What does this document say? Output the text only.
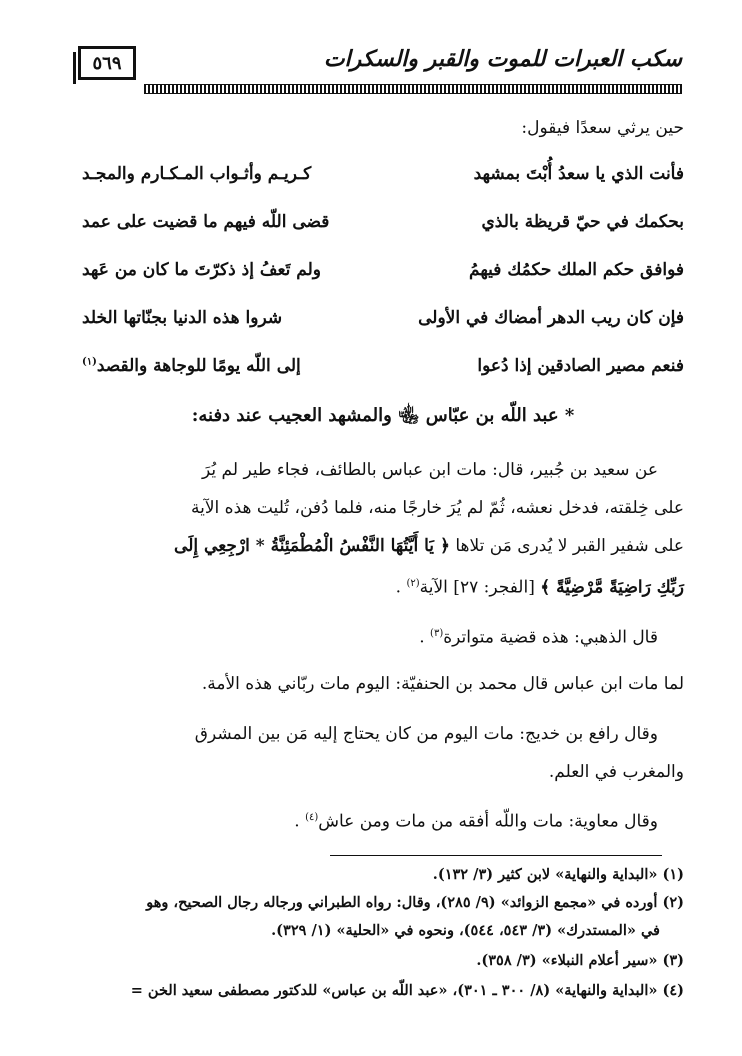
٥٦٩	سكب العبرات للموت والقبر والسكرات
حين يرثي سعدًا فيقول:
فأنت الذي يا سعدُ أُبْتَ بمشهد
كـريـم وأثـواب المـكـارم والمجـد
بحكمك في حيّ قريظة بالذي
قضى اللّه فيهم ما قضيت على عمد
فوافق حكم الملك حكمُك فيهمُ
ولم تَعفُ إذ ذكرّتَ ما كان من عَهد
فإن كان ريب الدهر أمضاك في الأولى
شروا هذه الدنيا بجنّاتها الخلد
فنعم مصير الصادقين إذا دُعوا
إلى اللّه يومًا للوجاهة والقصد$^{(١)}$
* عبد اللّه بن عبّاس ﵄ والمشهد العجيب عند دفنه:
عن سعيد بن جُبير، قال: مات ابن عباس بالطائف، فجاء طير لم يُرَ
على خِلقته، فدخل نعشه، ثُمّ لم يُرَ خارجًا منه، فلما دُفن، تُليت هذه الآية
على شفير القبر لا يُدرى مَن تلاها ﴿ يَا أَيَّتُهَا النَّفْسُ الْمُطْمَئِنَّةُ * ارْجِعِي إِلَى
رَبِّكِ رَاضِيَةً مَّرْضِيَّةً ﴾ [الفجر: ٢٧] الآية$^{(٢)}$ .
قال الذهبي: هذه قضية متواترة$^{(٣)}$ .
لما مات ابن عباس قال محمد بن الحنفيّة: اليوم مات ربّاني هذه الأمة.
وقال رافع بن خديج: مات اليوم من كان يحتاج إليه مَن بين المشرق
والمغرب في العلم.
وقال معاوية: مات واللّه أفقه من مات ومن عاش$^{(٤)}$ .
(١) «البداية والنهاية» لابن كثير (٣/ ١٣٢).
(٢) أورده في «مجمع الزوائد» (٩/ ٢٨٥)، وقال: رواه الطبراني ورجاله رجال الصحيح، وهو
في «المستدرك» (٣/ ٥٤٣، ٥٤٤)، ونحوه في «الحلية» (١/ ٣٢٩).
(٣) «سير أعلام النبلاء» (٣/ ٣٥٨).
(٤) «البداية والنهاية» (٨/ ٣٠٠ ـ ٣٠١)، «عبد اللّه بن عباس» للدكتور مصطفى سعيد الخن =
